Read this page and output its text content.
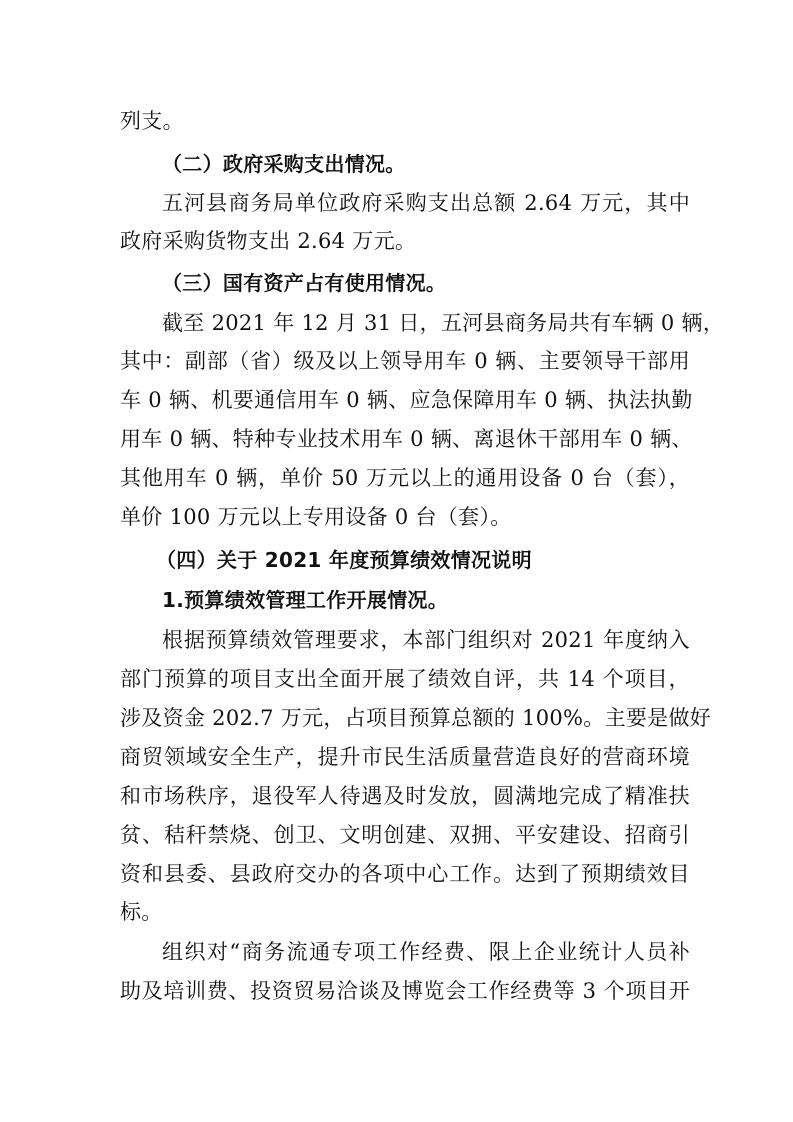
列支。
（二）政府采购支出情况。
五河县商务局单位政府采购支出总额 2.64 万元，其中
政府采购货物支出 2.64 万元。
（三）国有资产占有使用情况。
截至 2021 年 12 月 31 日，五河县商务局共有车辆 0 辆，
其中：副部（省）级及以上领导用车 0 辆、主要领导干部用
车 0 辆、机要通信用车 0 辆、应急保障用车 0 辆、执法执勤
用车 0 辆、特种专业技术用车 0 辆、离退休干部用车 0 辆、
其他用车 0 辆，单价 50 万元以上的通用设备 0 台（套），
单价 100 万元以上专用设备 0 台（套）。
（四）关于 2021 年度预算绩效情况说明
1.预算绩效管理工作开展情况。
根据预算绩效管理要求，本部门组织对 2021 年度纳入
部门预算的项目支出全面开展了绩效自评，共 14 个项目，
涉及资金 202.7 万元，占项目预算总额的 100%。主要是做好
商贸领域安全生产，提升市民生活质量营造良好的营商环境
和市场秩序，退役军人待遇及时发放，圆满地完成了精准扶
贫、秸秆禁烧、创卫、文明创建、双拥、平安建设、招商引
资和县委、县政府交办的各项中心工作。达到了预期绩效目
标。
组织对“商务流通专项工作经费、限上企业统计人员补
助及培训费、投资贸易洽谈及博览会工作经费等 3 个项目开
